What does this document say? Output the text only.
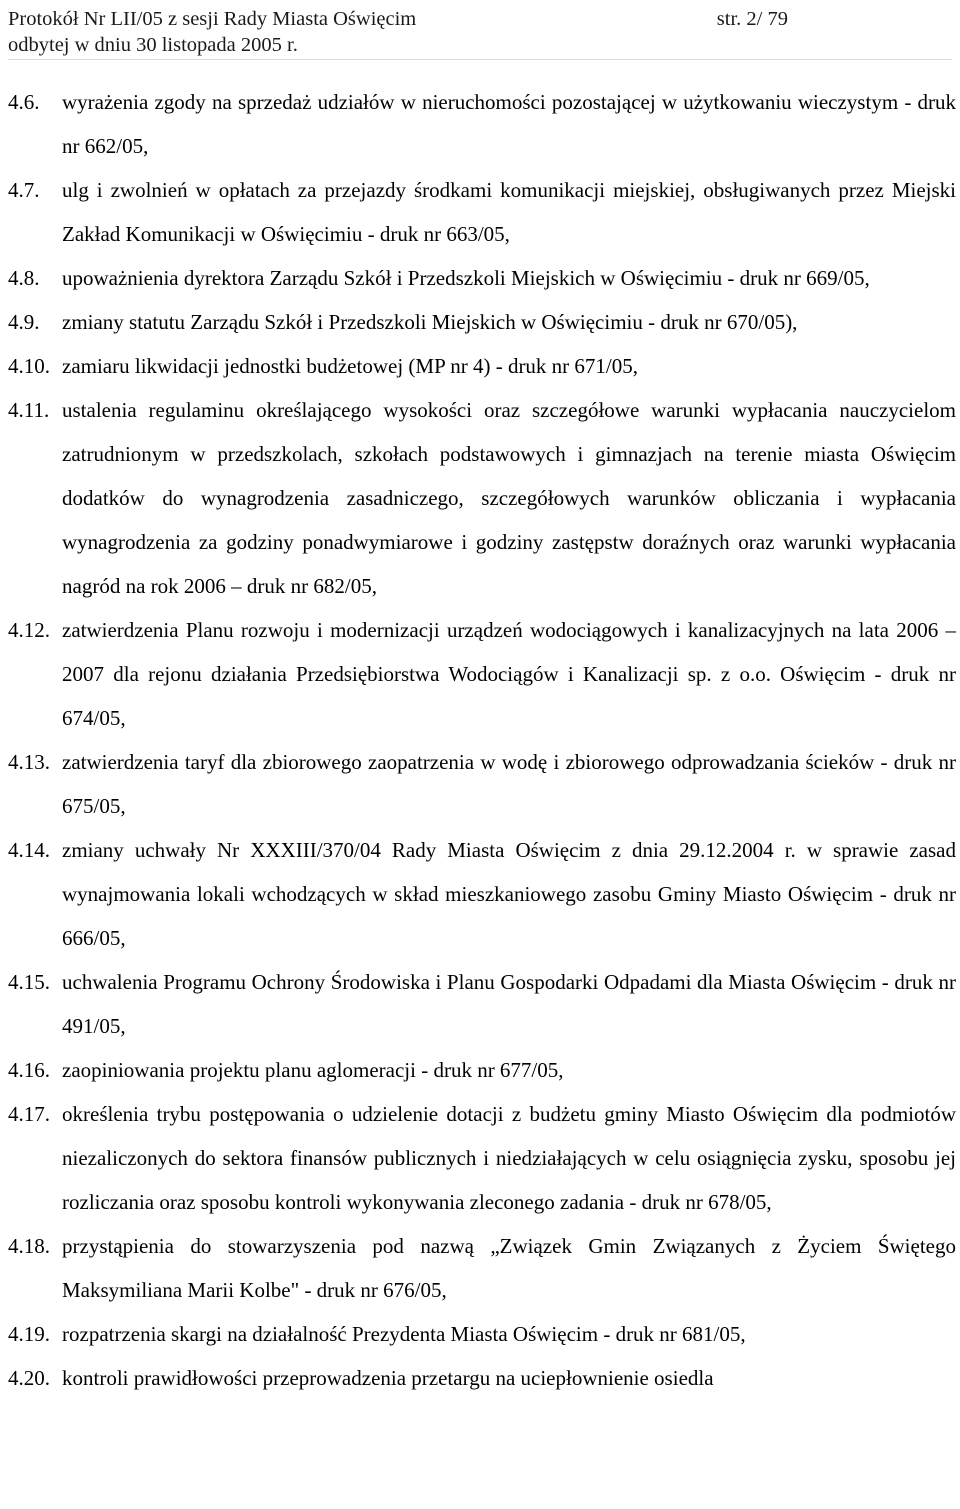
Protokół Nr LII/05 z sesji Rady Miasta Oświęcim	str. 2/ 79
odbytej w dniu 30 listopada 2005 r.
4.6. wyrażenia zgody na sprzedaż udziałów w nieruchomości pozostającej w użytkowaniu wieczystym - druk nr 662/05,
4.7. ulg i zwolnień w opłatach za przejazdy środkami komunikacji miejskiej, obsługiwanych przez Miejski Zakład Komunikacji w Oświęcimiu - druk nr 663/05,
4.8. upoważnienia dyrektora Zarządu Szkół i Przedszkoli Miejskich w Oświęcimiu - druk nr 669/05,
4.9. zmiany statutu Zarządu Szkół i Przedszkoli Miejskich w Oświęcimiu - druk nr 670/05),
4.10. zamiaru likwidacji jednostki budżetowej (MP nr 4) - druk nr 671/05,
4.11. ustalenia regulaminu określającego wysokości oraz szczegółowe warunki wypłacania nauczycielom zatrudnionym w przedszkolach, szkołach podstawowych i gimnazjach na terenie miasta Oświęcim dodatków do wynagrodzenia zasadniczego, szczegółowych warunków obliczania i wypłacania wynagrodzenia za godziny ponadwymiarowe i godziny zastępstw doraźnych oraz warunki wypłacania nagród na rok 2006 – druk nr 682/05,
4.12. zatwierdzenia Planu rozwoju i modernizacji urządzeń wodociągowych i kanalizacyjnych na lata 2006 – 2007 dla rejonu działania Przedsiębiorstwa Wodociągów i Kanalizacji sp. z o.o. Oświęcim - druk nr 674/05,
4.13. zatwierdzenia taryf dla zbiorowego zaopatrzenia w wodę i zbiorowego odprowadzania ścieków - druk nr 675/05,
4.14. zmiany uchwały Nr XXXIII/370/04 Rady Miasta Oświęcim z dnia 29.12.2004 r. w sprawie zasad wynajmowania lokali wchodzących w skład mieszkaniowego zasobu Gminy Miasto Oświęcim - druk nr 666/05,
4.15. uchwalenia Programu Ochrony Środowiska i Planu Gospodarki Odpadami dla Miasta Oświęcim - druk nr 491/05,
4.16. zaopiniowania projektu planu aglomeracji - druk nr 677/05,
4.17. określenia trybu postępowania o udzielenie dotacji z budżetu gminy Miasto Oświęcim dla podmiotów niezaliczonych do sektora finansów publicznych i niedziałających w celu osiągnięcia zysku, sposobu jej rozliczania oraz sposobu kontroli wykonywania zleconego zadania - druk nr 678/05,
4.18. przystąpienia do stowarzyszenia pod nazwą „Związek Gmin Związanych z Życiem Świętego Maksymiliana Marii Kolbe" - druk nr 676/05,
4.19. rozpatrzenia skargi na działalność Prezydenta Miasta Oświęcim - druk nr 681/05,
4.20. kontroli prawidłowości przeprowadzenia przetargu na uciepłownienie osiedla
